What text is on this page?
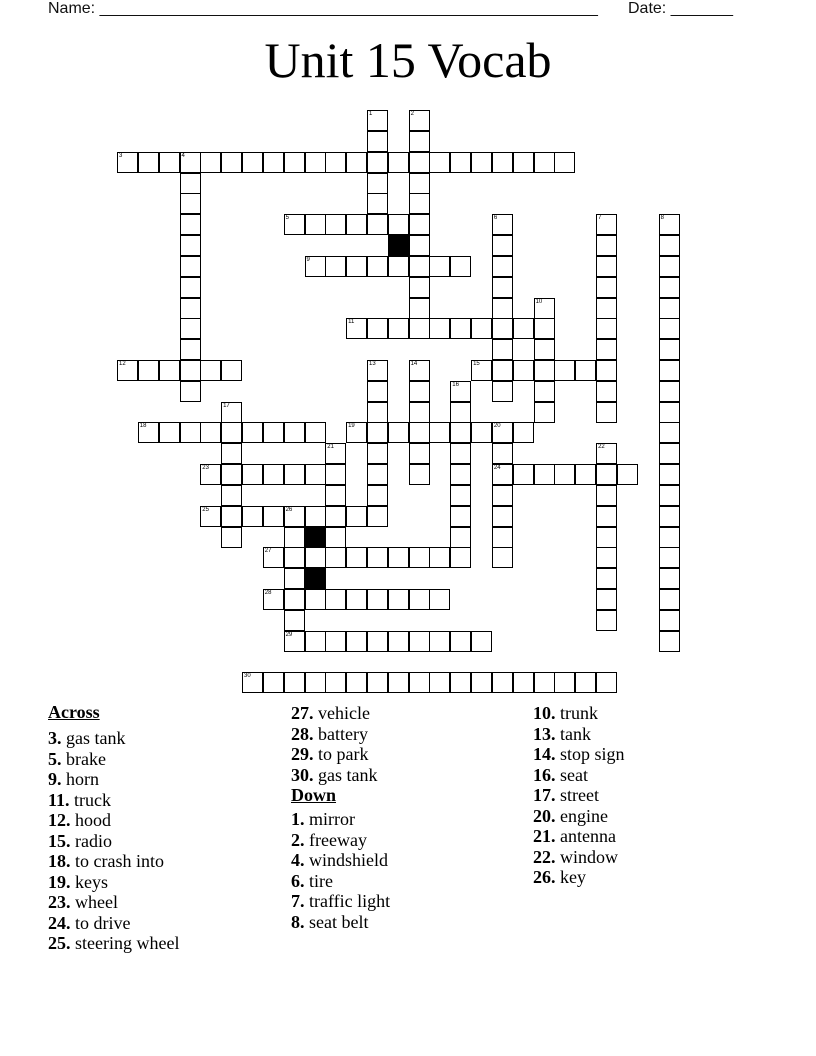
Name: ________________________________________________________ Date: _______
Unit 15 Vocab
1	2
3	4
5	6	7	8
9
10
11
12	13	14	15
16
17
18	19	20
24
21	22
23
25	26
27
28
29
30
Across
3. gas tank
5. brake
9. horn
11. truck
12. hood
15. radio
18. to crash into
19. keys
23. wheel
24. to drive
25. steering wheel
27. vehicle
28. battery
29. to park
30. gas tank
Down
1. mirror
2. freeway
4. windshield
6. tire
7. traffic light
8. seat belt
10. trunk
13. tank
14. stop sign
16. seat
17. street
20. engine
21. antenna
22. window
26. key
